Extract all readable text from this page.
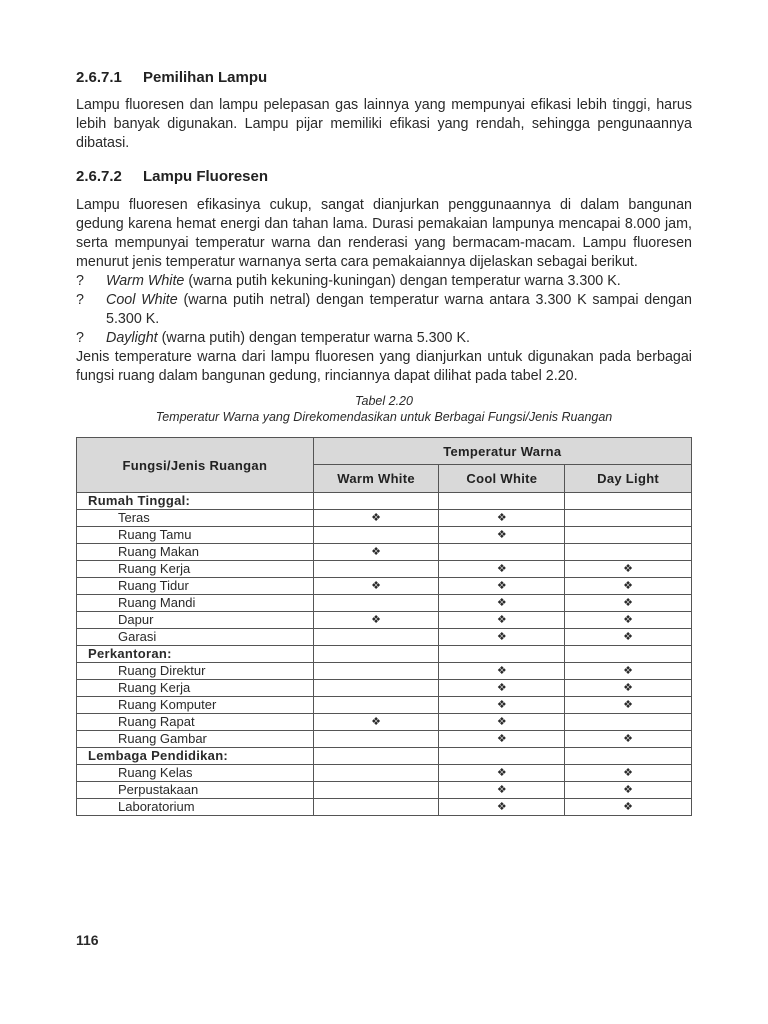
2.6.7.1 Pemilihan Lampu

Lampu fluoresen dan lampu pelepasan gas lainnya yang mempunyai efikasi lebih tinggi, harus lebih banyak digunakan. Lampu pijar memiliki efikasi yang rendah, sehingga pengunaannya dibatasi.

2.6.7.2 Lampu Fluoresen

Lampu fluoresen efikasinya cukup, sangat dianjurkan penggunaannya di dalam bangunan gedung karena hemat energi dan tahan lama. Durasi pemakaian lampunya mencapai 8.000 jam, serta mempunyai temperatur warna dan renderasi yang bermacam-macam. Lampu fluoresen menurut jenis temperatur warnanya serta cara pemakaiannya dijelaskan sebagai berikut.

?	Warm White (warna putih kekuning-kuningan) dengan temperatur warna 3.300 K.
?	Cool White (warna putih netral) dengan temperatur warna antara 3.300 K sampai dengan 5.300 K.
?	Daylight (warna putih) dengan temperatur warna 5.300 K.

Jenis temperature warna dari lampu fluoresen yang dianjurkan untuk digunakan pada berbagai fungsi ruang dalam bangunan gedung, rinciannya dapat dilihat pada tabel 2.20.

Tabel 2.20
Temperatur Warna yang Direkomendasikan untuk Berbagai Fungsi/Jenis Ruangan
Fungsi/Jenis Ruangan	Temperatur Warna		
	Warm White	Cool White	Day Light
Rumah Tinggal:			
Teras	❖	❖	
Ruang Tamu		❖	
Ruang Makan	❖		
Ruang Kerja		❖	❖
Ruang Tidur	❖	❖	❖
Ruang Mandi		❖	❖
Dapur	❖	❖	❖
Garasi		❖	❖
Perkantoran:			
Ruang Direktur		❖	❖
Ruang Kerja		❖	❖
Ruang Komputer		❖	❖
Ruang Rapat	❖	❖	
Ruang Gambar		❖	❖
Lembaga Pendidikan:			
Ruang Kelas		❖	❖
Perpustakaan		❖	❖
Laboratorium		❖	❖
116
